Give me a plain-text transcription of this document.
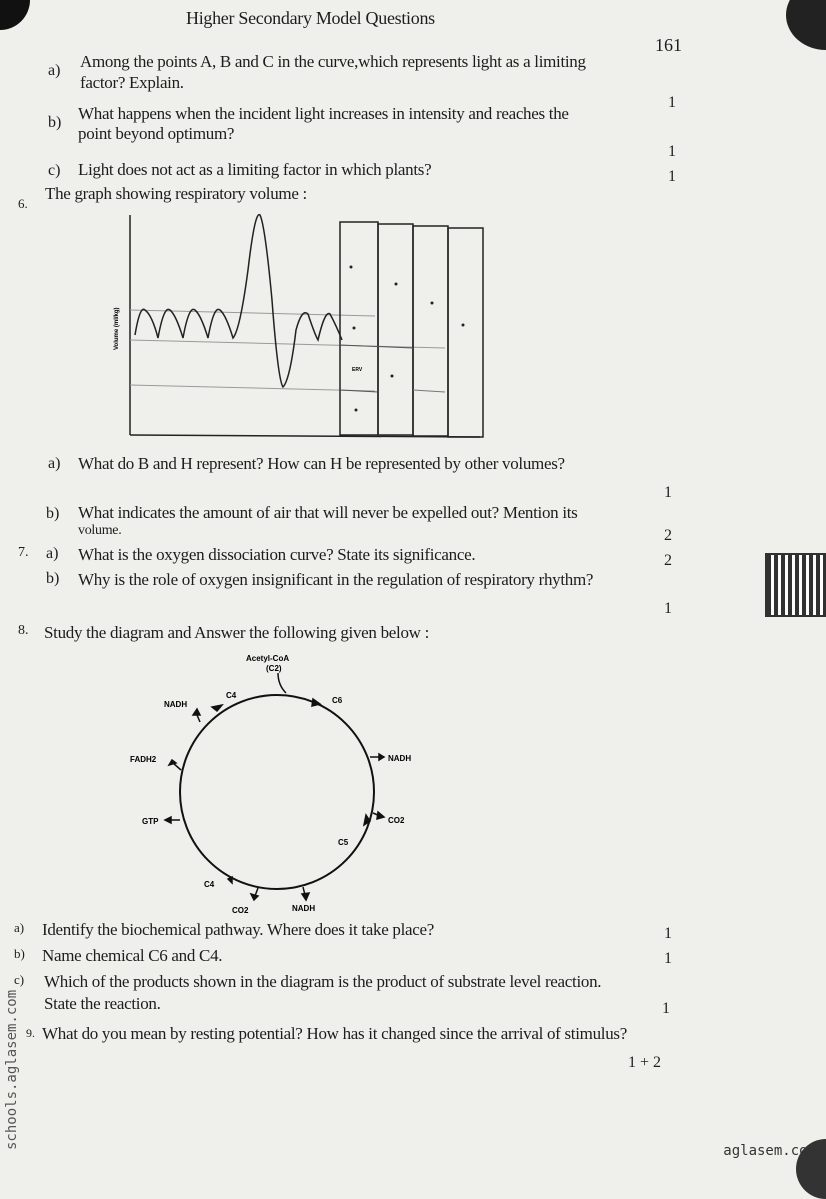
Higher Secondary Model Questions
161
a) Among the points A, B and C in the curve,which represents light as a limiting
factor? Explain.
1
b) What happens when the incident light increases in intensity and reaches the
point beyond optimum?
1
c) Light does not act as a limiting factor in which plants?	1
6.
The graph showing respiratory volume :
ERV
Volume (ml/kg)
a) What do B and H represent? How can H be represented by other volumes?
1
b) What indicates the amount of air that will never be expelled out? Mention its
volume.	2
7. a) What is the oxygen dissociation curve? State its significance.	2
b) Why is the role of oxygen insignificant in the regulation of respiratory rhythm?
1
8. Study the diagram and Answer the following given below :
Acetyl-CoA
(C2)
C6
NADH
CO2
C5
NADH
CO2
C4
GTP
FADH2
NADH
C4
a) Identify the biochemical pathway. Where does it take place?	1
b) Name chemical C6 and C4.	1
c) Which of the products shown in the diagram is the product of substrate level reaction.
State the reaction.	1
9. What do you mean by resting potential? How has it changed since the arrival of stimulus?
1 + 2
schools.aglasem.com
aglasem.com
